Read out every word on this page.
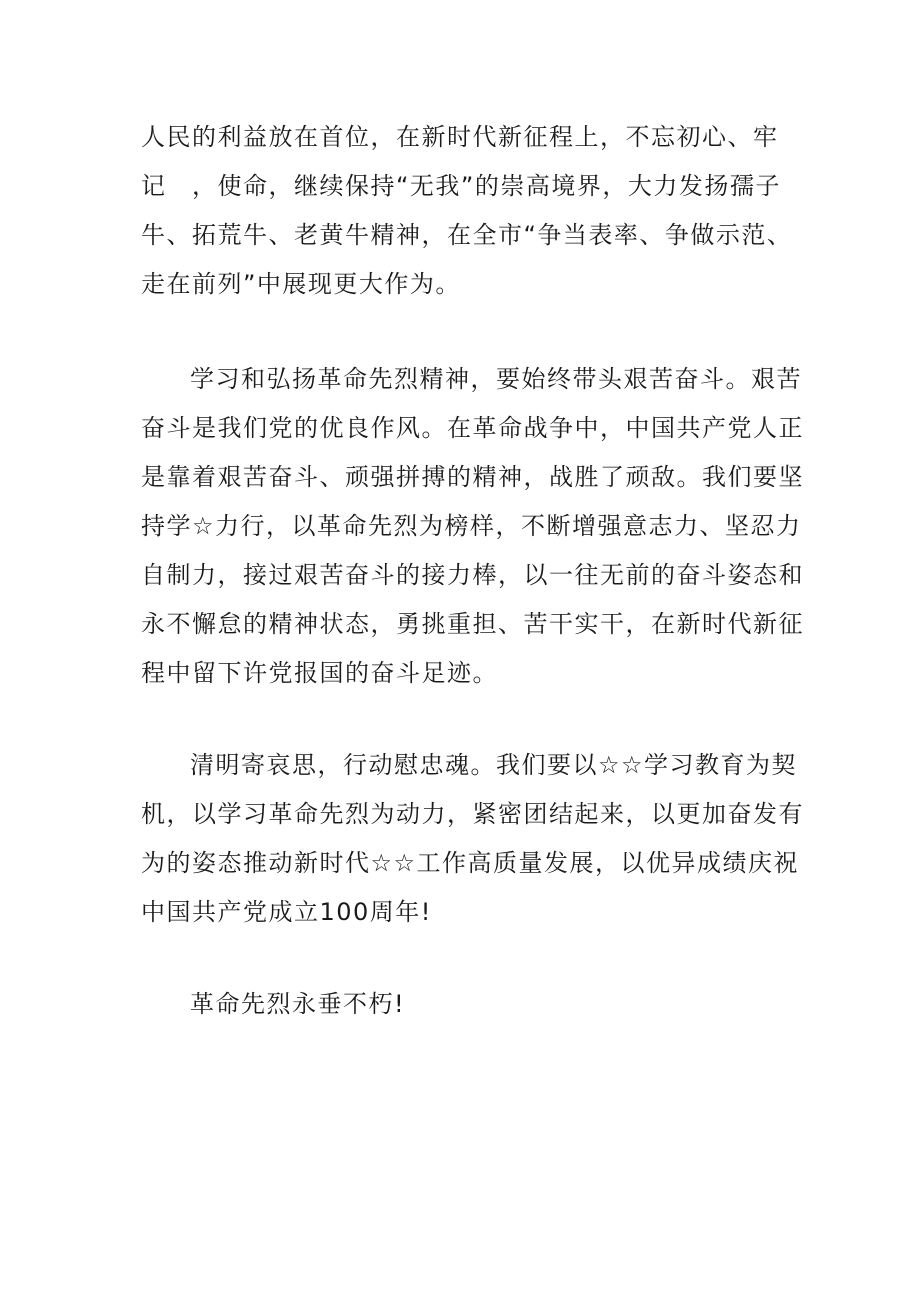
人民的利益放在首位，在新时代新征程上，不忘初心、牢
记　，使命，继续保持“无我”的崇高境界，大力发扬孺子
牛、拓荒牛、老黄牛精神，在全市“争当表率、争做示范、
走在前列”中展现更大作为。

学习和弘扬革命先烈精神，要始终带头艰苦奋斗。艰苦
奋斗是我们党的优良作风。在革命战争中，中国共产党人正
是靠着艰苦奋斗、顽强拼搏的精神，战胜了顽敌。我们要坚
持学☆力行，以革命先烈为榜样，不断增强意志力、坚忍力
自制力，接过艰苦奋斗的接力棒，以一往无前的奋斗姿态和
永不懈怠的精神状态，勇挑重担、苦干实干，在新时代新征
程中留下许党报国的奋斗足迹。

清明寄哀思，行动慰忠魂。我们要以☆☆学习教育为契
机，以学习革命先烈为动力，紧密团结起来，以更加奋发有
为的姿态推动新时代☆☆工作高质量发展，以优异成绩庆祝
中国共产党成立100周年!

革命先烈永垂不朽!
